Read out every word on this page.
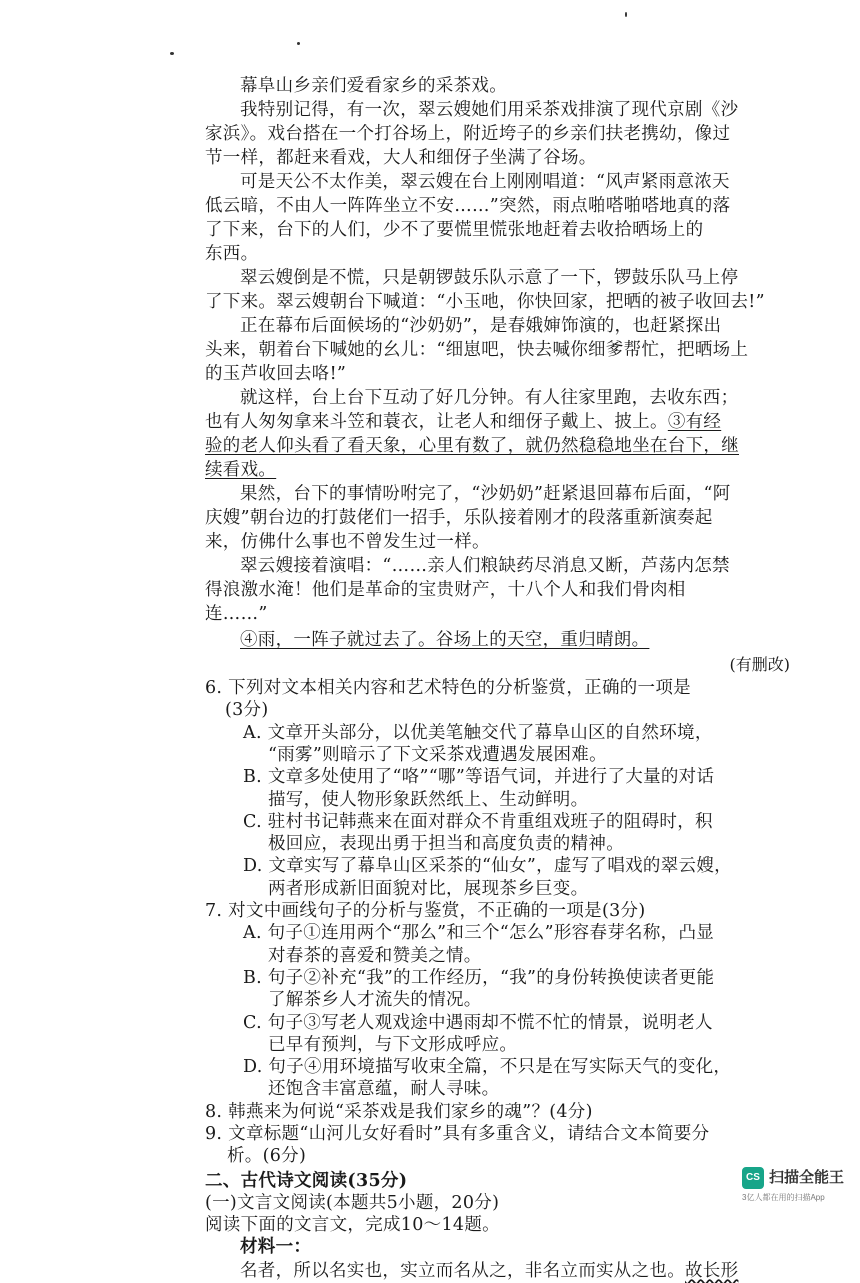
幕阜山乡亲们爱看家乡的采茶戏。
我特别记得，有一次，翠云嫂她们用采茶戏排演了现代京剧《沙
家浜》。戏台搭在一个打谷场上，附近垮子的乡亲们扶老携幼，像过
节一样，都赶来看戏，大人和细伢子坐满了谷场。
可是天公不太作美，翠云嫂在台上刚刚唱道：“风声紧雨意浓天
低云暗，不由人一阵阵坐立不安……”突然，雨点啪嗒啪嗒地真的落
了下来，台下的人们，少不了要慌里慌张地赶着去收拾晒场上的
东西。
翠云嫂倒是不慌，只是朝锣鼓乐队示意了一下，锣鼓乐队马上停
了下来。翠云嫂朝台下喊道：“小玉吔，你快回家，把晒的被子收回去!”
正在幕布后面候场的“沙奶奶”，是春娥婶饰演的，也赶紧探出
头来，朝着台下喊她的幺儿：“细崽吧，快去喊你细爹帮忙，把晒场上
的玉芦收回去咯!”
就这样，台上台下互动了好几分钟。有人往家里跑，去收东西；
也有人匆匆拿来斗笠和蓑衣，让老人和细伢子戴上、披上。③有经
验的老人仰头看了看天象，心里有数了，就仍然稳稳地坐在台下，继
续看戏。
果然，台下的事情吩咐完了，“沙奶奶”赶紧退回幕布后面，“阿
庆嫂”朝台边的打鼓佬们一招手，乐队接着刚才的段落重新演奏起
来，仿佛什么事也不曾发生过一样。
翠云嫂接着演唱：“……亲人们粮缺药尽消息又断，芦荡内怎禁
得浪激水淹！他们是革命的宝贵财产，十八个人和我们骨肉相
连……”
④雨，一阵子就过去了。谷场上的天空，重归晴朗。
(有删改)
6. 下列对文本相关内容和艺术特色的分析鉴赏，正确的一项是
(3分)
A. 文章开头部分，以优美笔触交代了幕阜山区的自然环境，
“雨雾”则暗示了下文采茶戏遭遇发展困难。
B. 文章多处使用了“咯”“哪”等语气词，并进行了大量的对话
描写，使人物形象跃然纸上、生动鲜明。
C. 驻村书记韩燕来在面对群众不肯重组戏班子的阻碍时，积
极回应，表现出勇于担当和高度负责的精神。
D. 文章实写了幕阜山区采茶的“仙女”，虚写了唱戏的翠云嫂，
两者形成新旧面貌对比，展现茶乡巨变。
7. 对文中画线句子的分析与鉴赏，不正确的一项是(3分)
A. 句子①连用两个“那么”和三个“怎么”形容春芽名称，凸显
对春茶的喜爱和赞美之情。
B. 句子②补充“我”的工作经历，“我”的身份转换使读者更能
了解茶乡人才流失的情况。
C. 句子③写老人观戏途中遇雨却不慌不忙的情景，说明老人
已早有预判，与下文形成呼应。
D. 句子④用环境描写收束全篇，不只是在写实际天气的变化，
还饱含丰富意蕴，耐人寻味。
8. 韩燕来为何说“采茶戏是我们家乡的魂”？(4分)
9. 文章标题“山河儿女好看时”具有多重含义，请结合文本简要分
析。(6分)
二、古代诗文阅读(35分)
(一)文言文阅读(本题共5小题，20分)
阅读下面的文言文，完成10～14题。
材料一：
名者，所以名实也，实立而名从之，非名立而实从之也。故长形
CS 扫描全能王
3亿人都在用的扫描App
